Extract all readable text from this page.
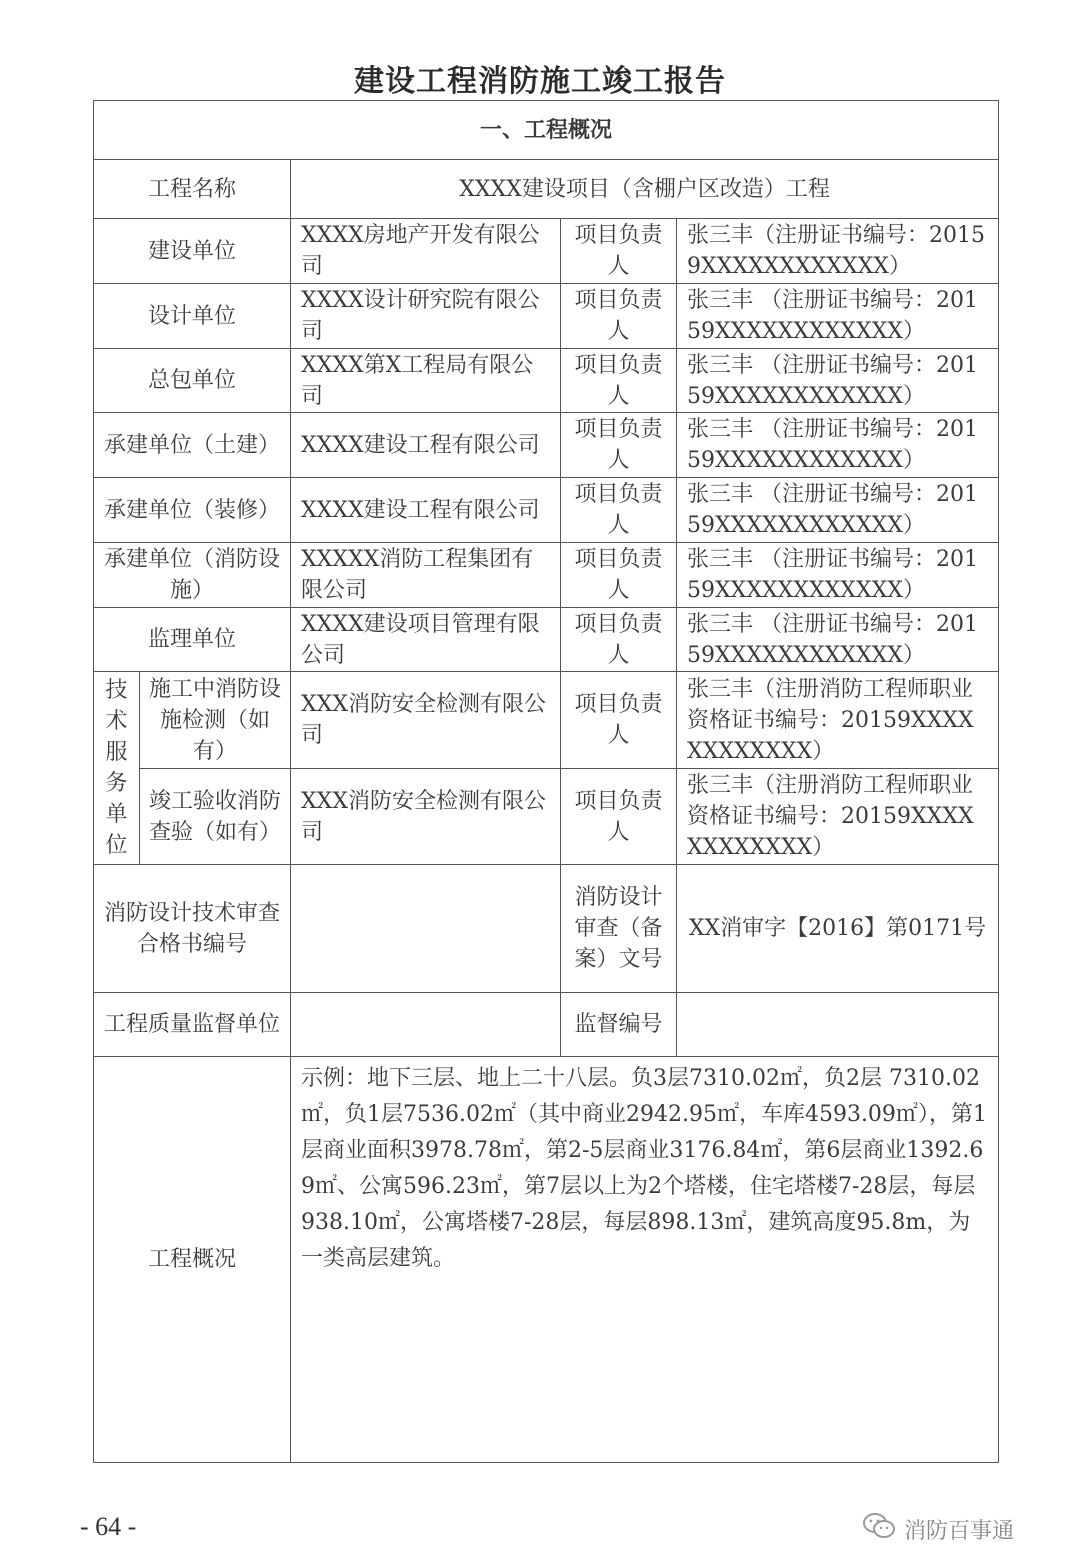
建设工程消防施工竣工报告
一、工程概况				
工程名称		XXXX建设项目（含棚户区改造）工程		
建设单位		XXXX房地产开发有限公司	项目负责人	张三丰（注册证书编号：20159XXXXXXXXXXXX）
设计单位		XXXX设计研究院有限公司	项目负责人	张三丰 （注册证书编号：20159XXXXXXXXXXXX）
总包单位		XXXX第X工程局有限公司	项目负责人	张三丰 （注册证书编号：20159XXXXXXXXXXXX）
承建单位（土建）		XXXX建设工程有限公司	项目负责人	张三丰 （注册证书编号：20159XXXXXXXXXXXX）
承建单位（装修）		XXXX建设工程有限公司	项目负责人	张三丰 （注册证书编号：20159XXXXXXXXXXXX）
承建单位（消防设施）		XXXXX消防工程集团有限公司	项目负责人	张三丰 （注册证书编号：20159XXXXXXXXXXXX）
监理单位		XXXX建设项目管理有限公司	项目负责人	张三丰 （注册证书编号：20159XXXXXXXXXXXX）

技术服务单位	施工中消防设施检测（如有）	XXX消防安全检测有限公司	项目负责人	张三丰（注册消防工程师职业资格证书编号：20159XXXXXXXXXXXX）
	竣工验收消防查验（如有）	XXX消防安全检测有限公司	项目负责人	张三丰（注册消防工程师职业资格证书编号：20159XXXXXXXXXXXX）
消防设计技术审查合格书编号			消防设计审查（备案）文号	XX消审字【2016】第0171号
工程质量监督单位			监督编号	
工程概况		示例：地下三层、地上二十八层。负3层7310.02㎡，负2层 7310.02㎡，负1层7536.02㎡（其中商业2942.95㎡，车库4593.09㎡），第1层商业面积3978.78㎡，第2-5层商业3176.84㎡，第6层商业1392.69㎡、公寓596.23㎡，第7层以上为2个塔楼，住宅塔楼7-28层，每层938.10㎡，公寓塔楼7-28层，每层898.13㎡，建筑高度95.8m，为一类高层建筑。		
- 64 -	消防百事通
